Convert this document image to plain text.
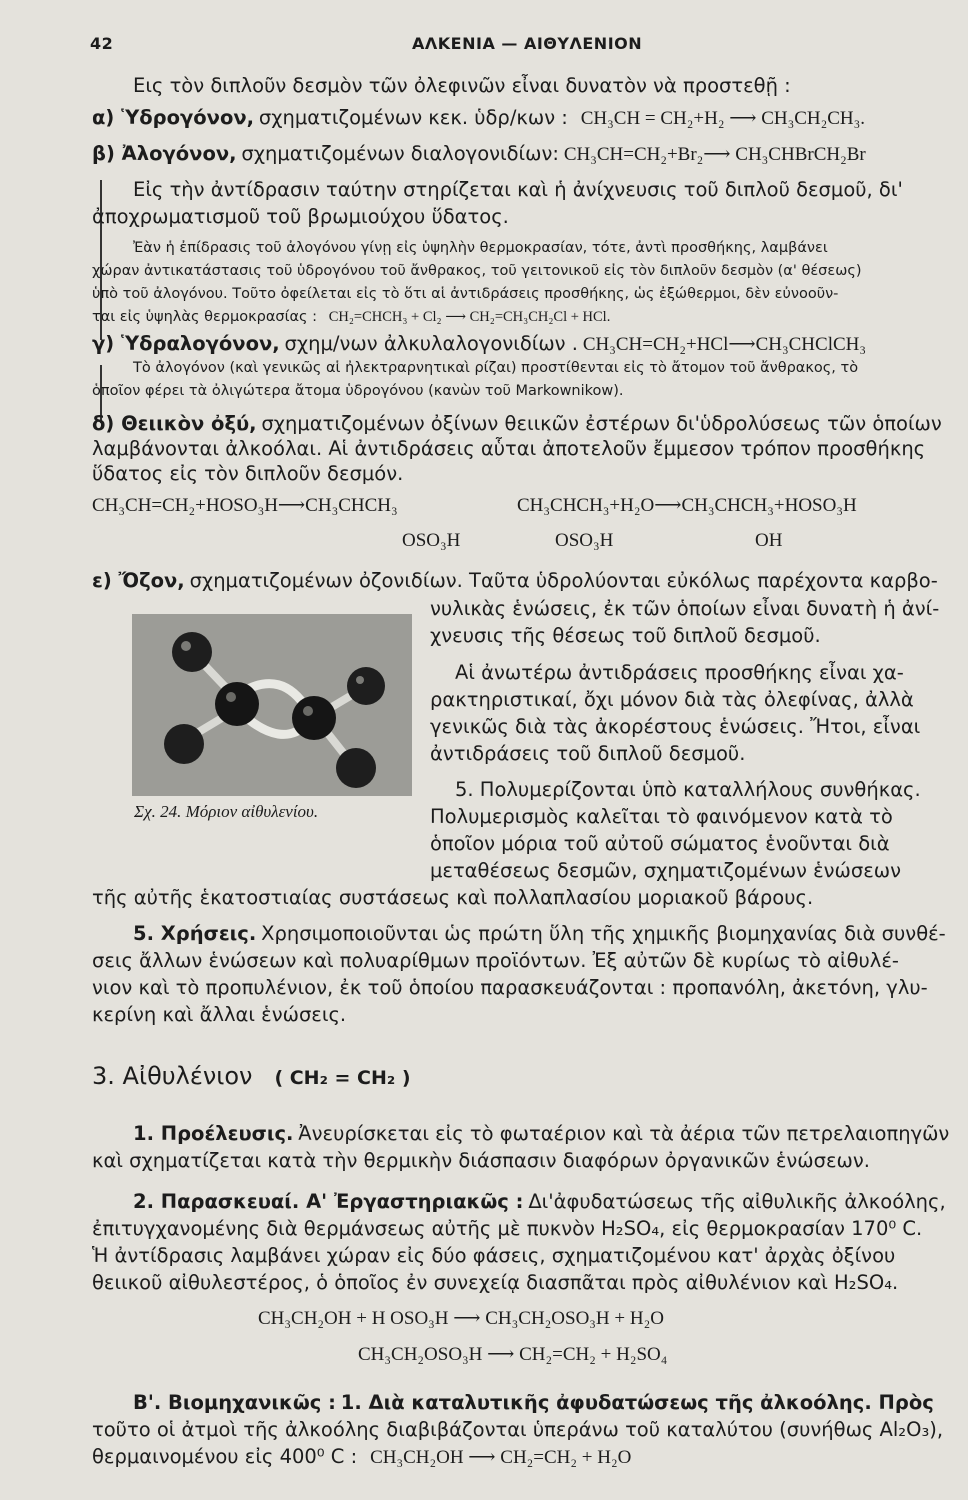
42	ΑΛΚΕΝΙΑ — ΑΙΘΥΛΕΝΙΟΝ
Εις τὸν διπλοῦν δεσμὸν τῶν ὀλεφινῶν εἶναι δυνατὸν νὰ προστεθῇ :
α) Ὑδρογόνον, σχηματιζομένων κεκ. ὑδρ/κων : CH₃CH = CH₂+H₂ ⟶ CH₃CH₂CH₃.
β) Ἀλογόνον, σχηματιζομένων διαλογονιδίων: CH₃CH=CH₂+Br₂⟶ CH₃CHBrCH₂Br
Εἰς τὴν ἀντίδρασιν ταύτην στηρίζεται καὶ ἡ ἀνίχνευσις τοῦ διπλοῦ δεσμοῦ, δι'
ἀποχρωματισμοῦ τοῦ βρωμιούχου ὕδατος.
Ἐὰν ἡ ἐπίδρασις τοῦ ἀλογόνου γίνῃ εἰς ὑψηλὴν θερμοκρασίαν, τότε, ἀντὶ προσθήκης, λαμβάνει
χώραν ἀντικατάστασις τοῦ ὑδρογόνου τοῦ ἄνθρακος, τοῦ γειτονικοῦ εἰς τὸν διπλοῦν δεσμὸν (α' θέσεως)
ὑπὸ τοῦ ἀλογόνου. Τοῦτο ὀφείλεται εἰς τὸ ὅτι αἱ ἀντιδράσεις προσθήκης, ὡς ἐξώθερμοι, δὲν εὐνοοῦν-
ται εἰς ὑψηλὰς θερμοκρασίας : CH₂=CHCH₃ + Cl₂ ⟶ CH₂=CH₃CH₂Cl + HCl.
γ) Ὑδραλογόνον, σχημ/νων ἀλκυλαλογονιδίων . CH₃CH=CH₂+HCl⟶CH₃CHClCH₃
Τὸ ἀλογόνον (καὶ γενικῶς αἱ ἠλεκτραρνητικαὶ ρίζαι) προστίθενται εἰς τὸ ἄτομον τοῦ ἄνθρακος, τὸ
ὁποῖον φέρει τὰ ὀλιγώτερα ἄτομα ὑδρογόνου (κανὼν τοῦ Markownikow).
δ) Θειικὸν ὀξύ, σχηματιζομένων ὀξίνων θειικῶν ἐστέρων δι'ὑδρολύσεως τῶν ὁποίων
λαμβάνονται ἀλκοόλαι. Αἱ ἀντιδράσεις αὗται ἀποτελοῦν ἔμμεσον τρόπον προσθήκης
ὕδατος εἰς τὸν διπλοῦν δεσμόν.
CH₃CH=CH₂+HOSO₃H⟶CH₃CHCH₃
OSO₃H
CH₃CHCH₃+H₂O⟶CH₃CHCH₃+HOSO₃H
OSO₃H	OH
ε) Ὄζον, σχηματιζομένων ὀζονιδίων. Ταῦτα ὑδρολύονται εὐκόλως παρέχοντα καρβο-
Σχ. 24. Μόριον αἰθυλενίου.
νυλικὰς ἑνώσεις, ἐκ τῶν ὁποίων εἶναι δυνατὴ ἡ ἀνί-
χνευσις τῆς θέσεως τοῦ διπλοῦ δεσμοῦ.
Αἱ ἀνωτέρω ἀντιδράσεις προσθήκης εἶναι χα-
ρακτηριστικαί, ὄχι μόνον διὰ τὰς ὀλεφίνας, ἀλλὰ
γενικῶς διὰ τὰς ἀκορέστους ἑνώσεις. Ἤτοι, εἶναι
ἀντιδράσεις τοῦ διπλοῦ δεσμοῦ.
5. Πολυμερίζονται ὑπὸ καταλλήλους συνθήκας.
Πολυμερισμὸς καλεῖται τὸ φαινόμενον κατὰ τὸ
ὁποῖον μόρια τοῦ αὐτοῦ σώματος ἑνοῦνται διὰ
μεταθέσεως δεσμῶν, σχηματιζομένων ἑνώσεων
τῆς αὐτῆς ἑκατοστιαίας συστάσεως καὶ πολλαπλασίου μοριακοῦ βάρους.
5. Χρήσεις. Χρησιμοποιοῦνται ὡς πρώτη ὕλη τῆς χημικῆς βιομηχανίας διὰ συνθέ-
σεις ἄλλων ἑνώσεων καὶ πολυαρίθμων προϊόντων. Ἐξ αὐτῶν δὲ κυρίως τὸ αἰθυλέ-
νιον καὶ τὸ προπυλένιον, ἐκ τοῦ ὁποίου παρασκευάζονται : προπανόλη, ἀκετόνη, γλυ-
κερίνη καὶ ἄλλαι ἑνώσεις.
3. Αἰθυλένιον ( CH₂ = CH₂ )
1. Προέλευσις. Ἀνευρίσκεται εἰς τὸ φωταέριον καὶ τὰ ἀέρια τῶν πετρελαιοπηγῶν
καὶ σχηματίζεται κατὰ τὴν θερμικὴν διάσπασιν διαφόρων ὀργανικῶν ἑνώσεων.
2. Παρασκευαί. Α' Ἐργαστηριακῶς : Δι'ἀφυδατώσεως τῆς αἰθυλικῆς ἀλκοόλης,
ἐπιτυγχανομένης διὰ θερμάνσεως αὐτῆς μὲ πυκνὸν H₂SO₄, εἰς θερμοκρασίαν 170⁰ C.
Ἡ ἀντίδρασις λαμβάνει χώραν εἰς δύο φάσεις, σχηματιζομένου κατ' ἀρχὰς ὀξίνου
θειικοῦ αἰθυλεστέρος, ὁ ὁποῖος ἐν συνεχείᾳ διασπᾶται πρὸς αἰθυλένιον καὶ H₂SO₄.
CH₃CH₂OH + H OSO₃H ⟶ CH₃CH₂OSO₃H + H₂O
CH₃CH₂OSO₃H ⟶ CH₂=CH₂ + H₂SO₄
Β'. Βιομηχανικῶς : 1. Διὰ καταλυτικῆς ἀφυδατώσεως τῆς ἀλκοόλης. Πρὸς
τοῦτο οἱ ἀτμοὶ τῆς ἀλκοόλης διαβιβάζονται ὑπεράνω τοῦ καταλύτου (συνήθως Al₂O₃),
θερμαινομένου εἰς 400⁰ C : CH₃CH₂OH ⟶ CH₂=CH₂ + H₂O
